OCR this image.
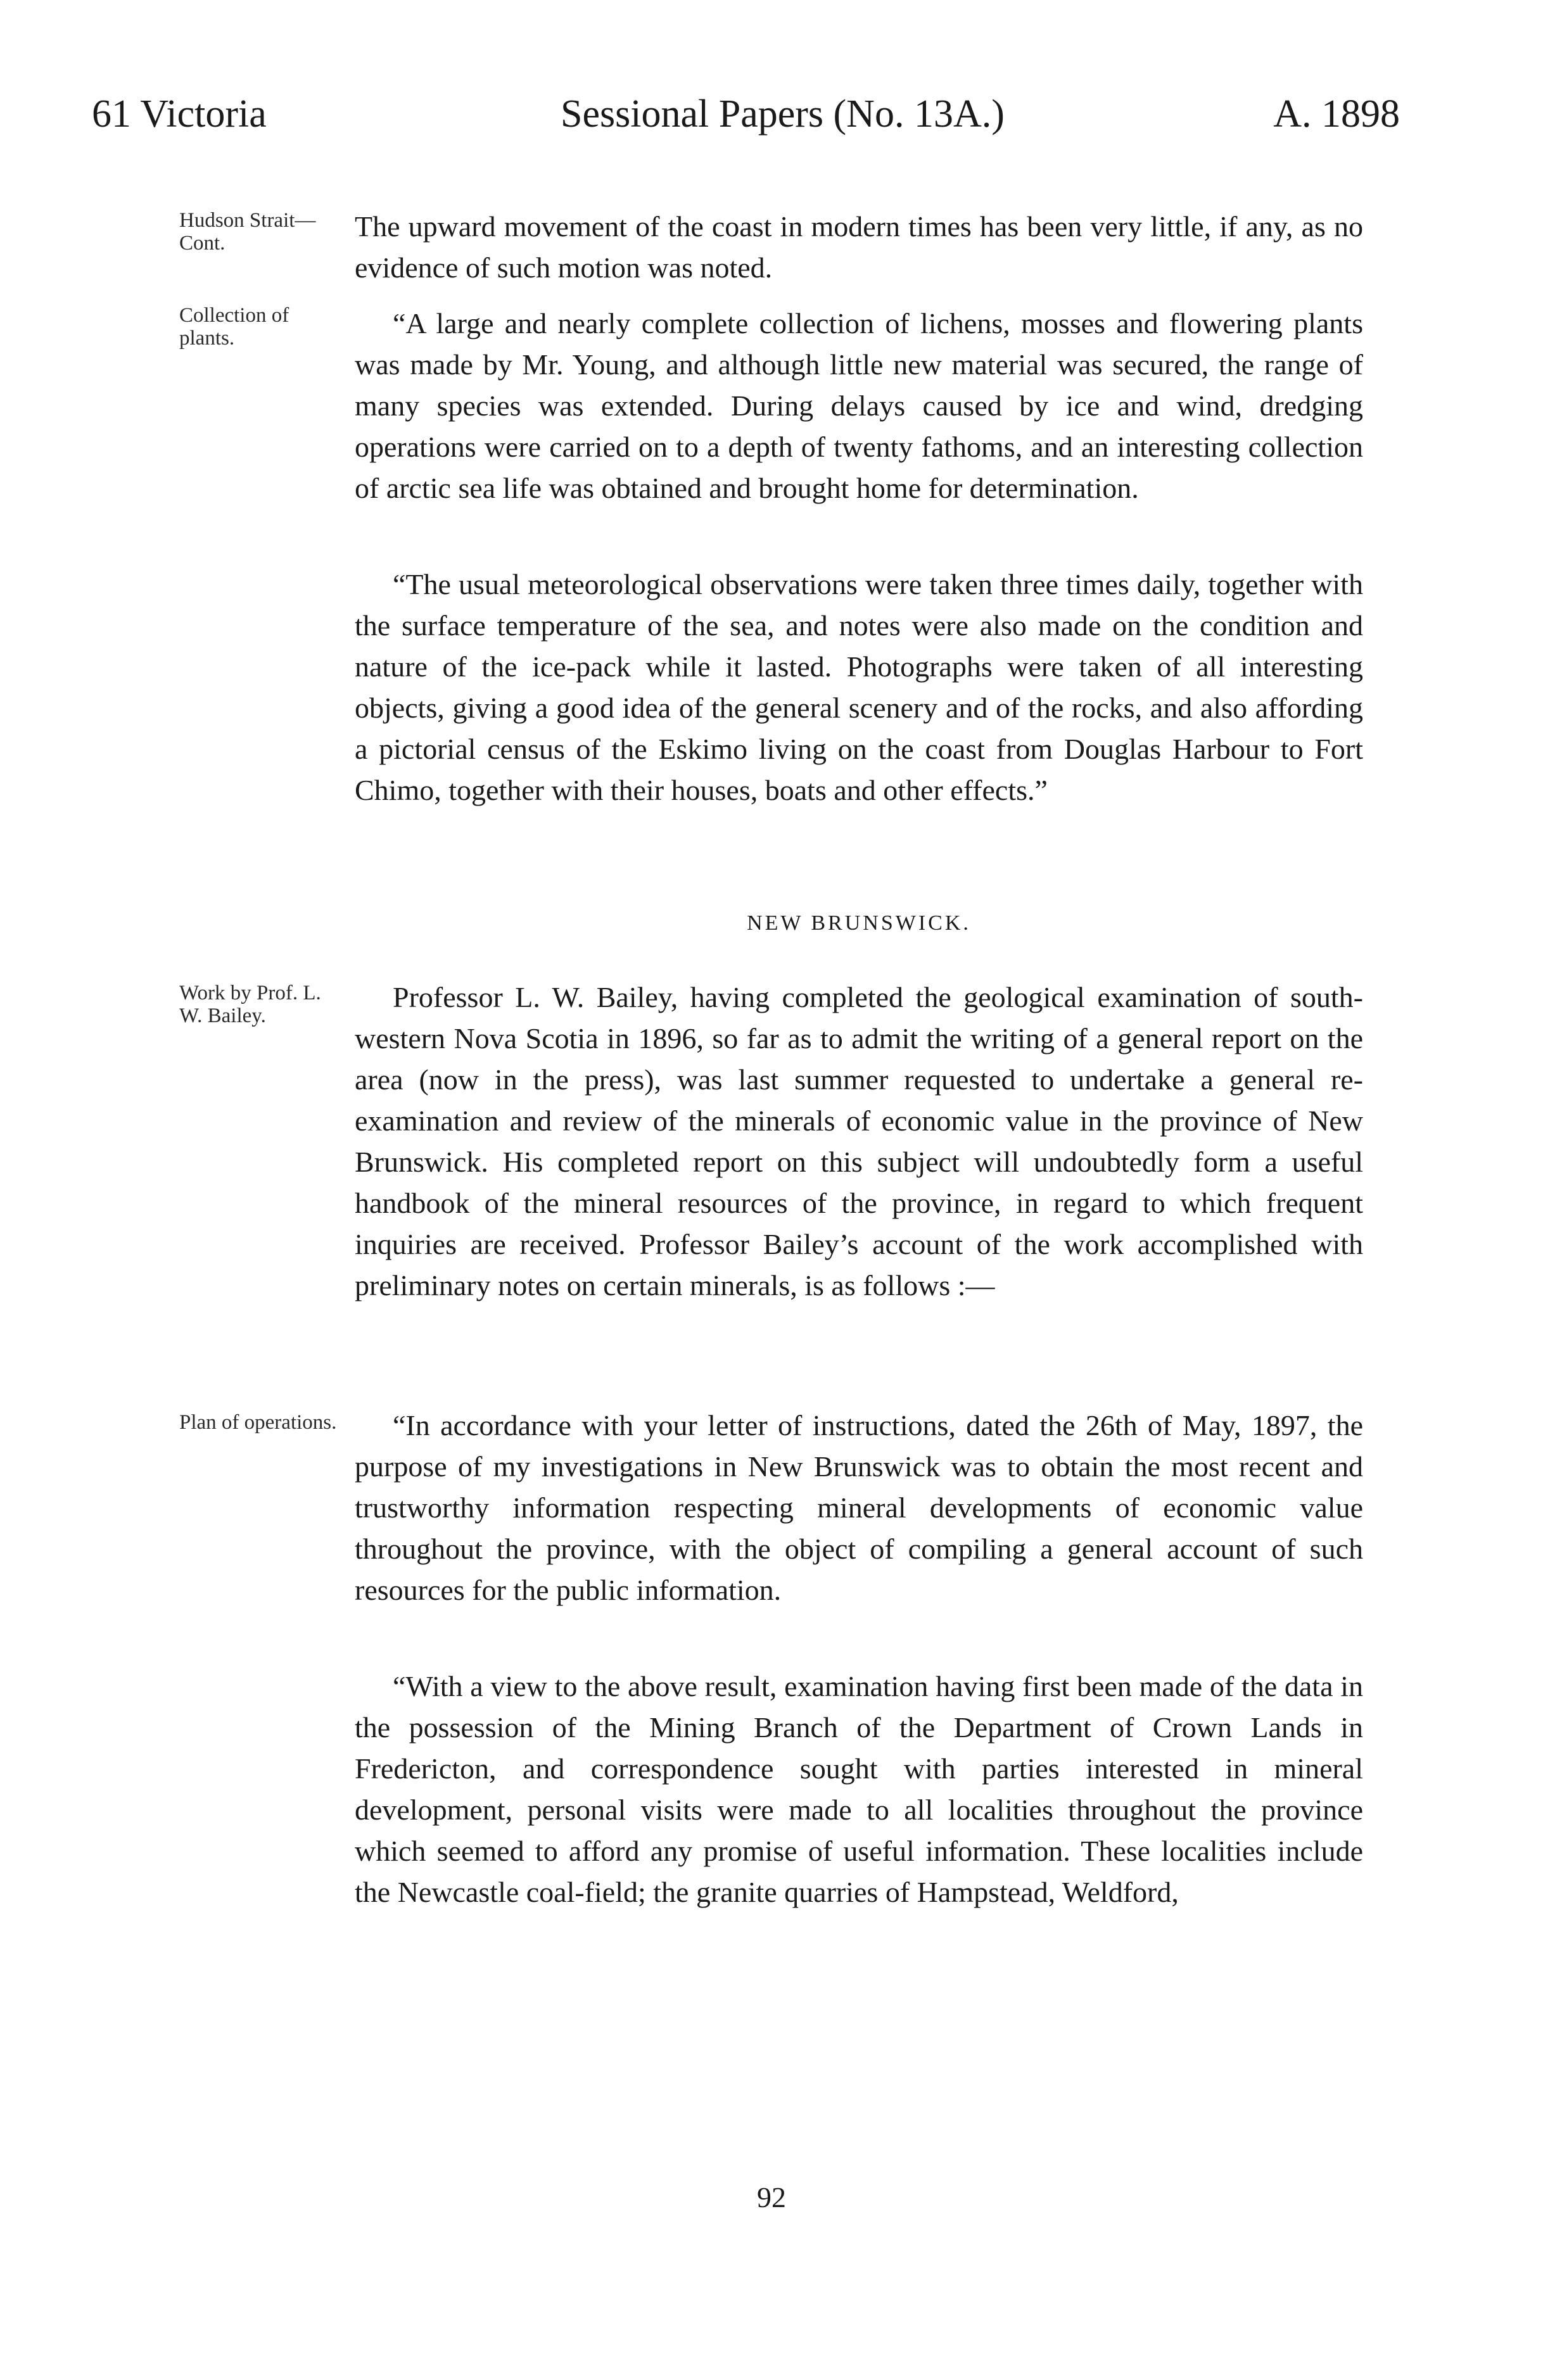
61 Victoria	Sessional Papers (No. 13A.)	A. 1898
Hudson Strait—Cont.
The upward movement of the coast in modern times has been very little, if any, as no evidence of such motion was noted.
Collection of plants.	“A large and nearly complete collection of lichens, mosses and flowering plants was made by Mr. Young, and although little new material was secured, the range of many species was extended. During delays caused by ice and wind, dredging operations were carried on to a depth of twenty fathoms, and an interesting collection of arctic sea life was obtained and brought home for determination.
“The usual meteorological observations were taken three times daily, together with the surface temperature of the sea, and notes were also made on the condition and nature of the ice-pack while it lasted. Photographs were taken of all interesting objects, giving a good idea of the general scenery and of the rocks, and also affording a pictorial census of the Eskimo living on the coast from Douglas Harbour to Fort Chimo, together with their houses, boats and other effects.”
NEW BRUNSWICK.
Work by Prof. L. W. Bailey.
Professor L. W. Bailey, having completed the geological examination of south-western Nova Scotia in 1896, so far as to admit the writing of a general report on the area (now in the press), was last summer requested to undertake a general re-examination and review of the minerals of economic value in the province of New Brunswick. His completed report on this subject will undoubtedly form a useful handbook of the mineral resources of the province, in regard to which frequent inquiries are received. Professor Bailey’s account of the work accomplished with preliminary notes on certain minerals, is as follows :—
Plan of operations.	“In accordance with your letter of instructions, dated the 26th of May, 1897, the purpose of my investigations in New Brunswick was to obtain the most recent and trustworthy information respecting mineral developments of economic value throughout the province, with the object of compiling a general account of such resources for the public information.
“With a view to the above result, examination having first been made of the data in the possession of the Mining Branch of the Department of Crown Lands in Fredericton, and correspondence sought with parties interested in mineral development, personal visits were made to all localities throughout the province which seemed to afford any promise of useful information. These localities include the Newcastle coal-field; the granite quarries of Hampstead, Weldford,
92
